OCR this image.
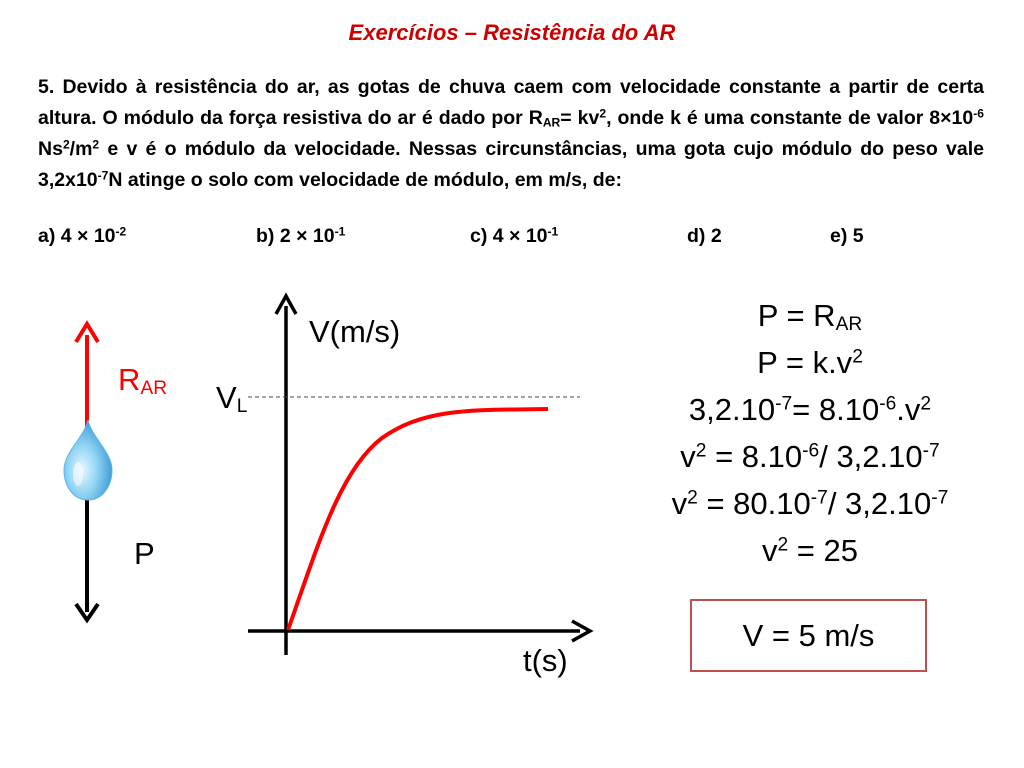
Exercícios – Resistência do AR
5. Devido à resistência do ar, as gotas de chuva caem com velocidade constante a partir de certa altura. O módulo da força resistiva do ar é dado por $R_{AR}= kv^2$, onde k é uma constante de valor $8\times 10^{-6}$ $Ns^2/m^2$ e v é o módulo da velocidade. Nessas circunstâncias, uma gota cujo módulo do peso vale $3,2x10^{-7}N$ atinge o solo com velocidade de módulo, em m/s, de:
a) $4 \times 10^{-2}$	b) $2 \times 10^{-1}$	c) $4 \times 10^{-1}$	d) 2	e) 5
$R_{AR}$
P
V(m/s)
t(s)
$V_L$
$P = R_{AR}$
$P = k.v^2$
$3,2.10^{-7}= 8.10^{-6}.v^2$
$v^2 = 8.10^{-6}/$ $3,2.10^{-7}$
$v^2 = 80.10^{-7}/$ $3,2.10^{-7}$
$v^2 = 25$
V = 5 m/s
